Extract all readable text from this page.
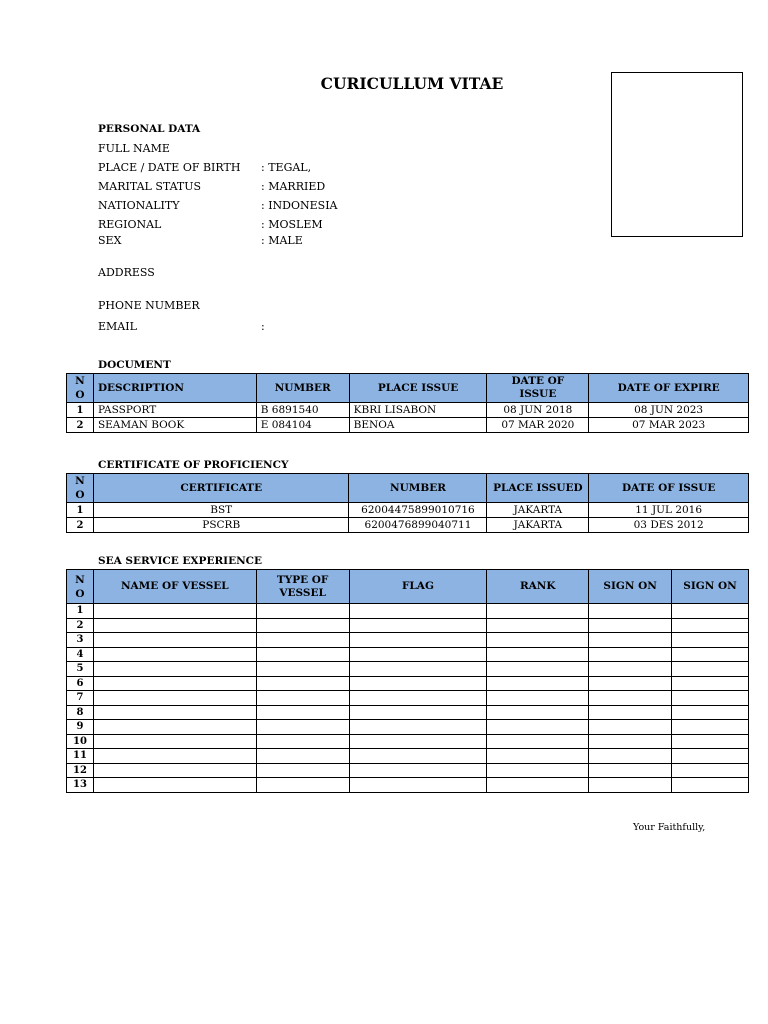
CURICULLUM VITAE
PERSONAL DATA
FULL NAME
PLACE / DATE OF BIRTH : TEGAL,
MARITAL STATUS	: MARRIED
NATIONALITY	: INDONESIA
REGIONAL	: MOSLEM
SEX	: MALE
ADDRESS
PHONE NUMBER
EMAIL	:
DOCUMENT
N
O	DESCRIPTION	NUMBER	PLACE ISSUE	DATE OF ISSUE	DATE OF EXPIRE
1	PASSPORT	B 6891540	KBRI LISABON	08 JUN 2018	08 JUN 2023
2	SEAMAN BOOK	E 084104	BENOA	07 MAR 2020	07 MAR 2023
CERTIFICATE OF PROFICIENCY
N
O	CERTIFICATE	NUMBER	PLACE ISSUED	DATE OF ISSUE
1	BST	62004475899010716	JAKARTA	11 JUL 2016
2	PSCRB	6200476899040711	JAKARTA	03 DES 2012
SEA SERVICE EXPERIENCE
N
O	NAME OF VESSEL	TYPE OF VESSEL	FLAG	RANK	SIGN ON	SIGN ON
1						
2						
3						
4						
5						
6						
7						
8						
9						
10						
11						
12						
13						
Your Faithfully,
